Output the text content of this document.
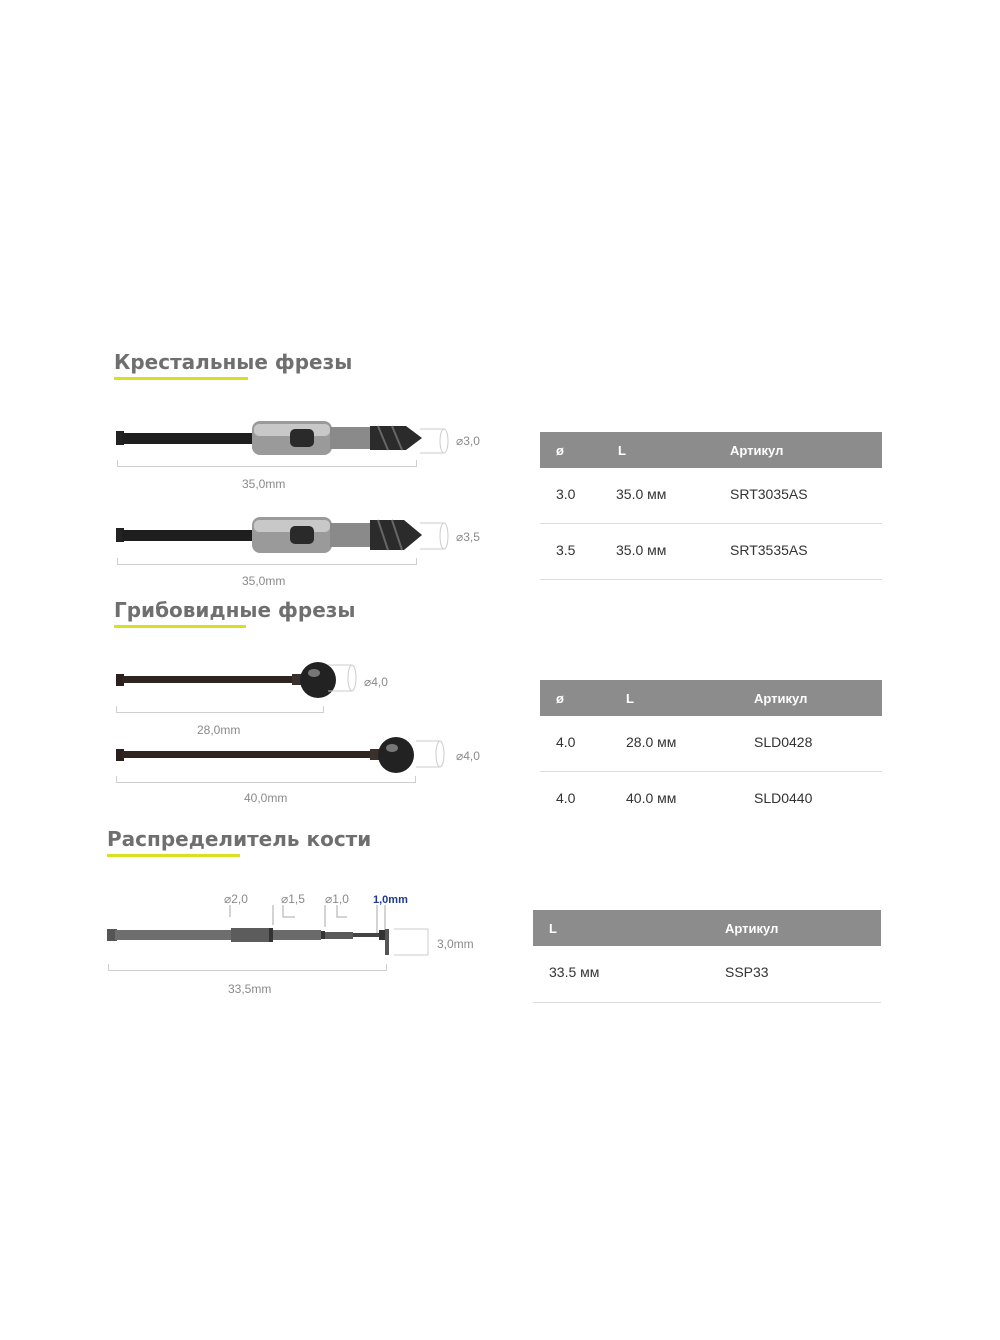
Крестальные фрезы
⌀3,0
35,0mm
⌀3,5
35,0mm
ø	L	Артикул
3.0	35.0 мм	SRT3035AS
3.5	35.0 мм	SRT3535AS
Грибовидные фрезы
⌀4,0
28,0mm
⌀4,0
40,0mm
ø	L	Артикул
4.0	28.0 мм	SLD0428
4.0	40.0 мм	SLD0440
Распределитель кости
⌀2,0	⌀1,5 ⌀1,0 1,0mm
3,0mm
33,5mm
L	Артикул
33.5 мм	SSP33
